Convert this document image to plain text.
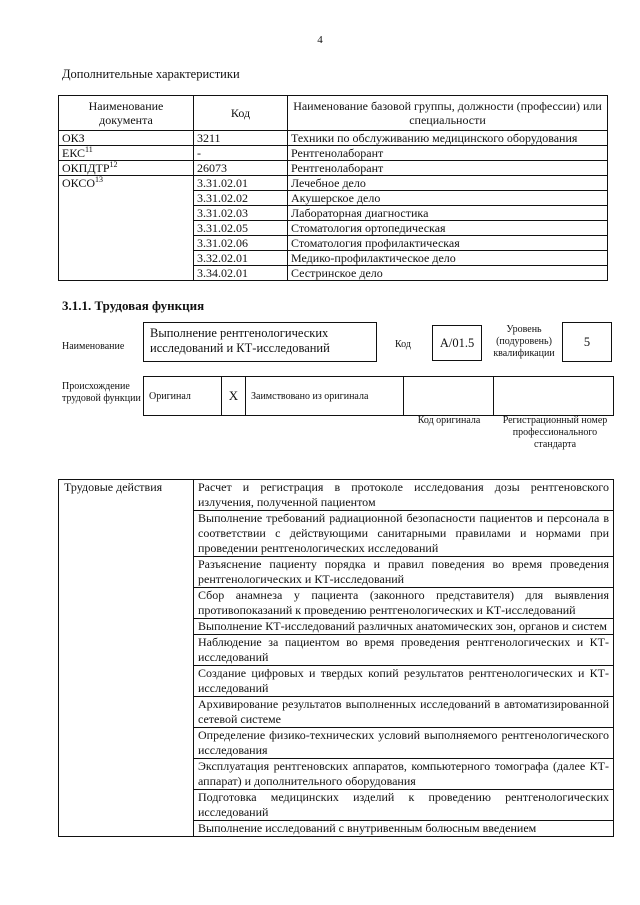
4
Дополнительные характеристики
Наименование документа	Код	Наименование базовой группы, должности (профессии) или специальности
ОКЗ	3211	Техники по обслуживанию медицинского оборудования
ЕКС$^{11}$	-	Рентгенолаборант
ОКПДТР$^{12}$	26073	Рентгенолаборант
ОКСО$^{13}$	3.31.02.01	Лечебное дело
	3.31.02.02	Акушерское дело
	3.31.02.03	Лабораторная диагностика
	3.31.02.05	Стоматология ортопедическая
	3.31.02.06	Стоматология профилактическая
	3.32.02.01	Медико-профилактическое дело
	3.34.02.01	Сестринское дело
3.1.1. Трудовая функция
Наименование
Выполнение рентгенологических исследований и КТ-исследований	Код	A/01.5
Уровень (подуровень) квалификации
5
Происхождение трудовой функции Оригинал	X	Заимствовано из оригинала		
Код оригинала	Регистрационный номер профессионального стандарта
Трудовые действия	Расчет и регистрация в протоколе исследования дозы рентгеновского излучения, полученной пациентом
Выполнение требований радиационной безопасности пациентов и персонала в соответствии с действующими санитарными правилами и нормами при проведении рентгенологических исследований
Разъяснение пациенту порядка и правил поведения во время проведения рентгенологических и КТ-исследований
Сбор анамнеза у пациента (законного представителя) для выявления противопоказаний к проведению рентгенологических и КТ-исследований
Выполнение КТ-исследований различных анатомических зон, органов и систем
Наблюдение за пациентом во время проведения рентгенологических и КТ-исследований
Создание цифровых и твердых копий результатов рентгенологических и КТ-исследований
Архивирование результатов выполненных исследований в автоматизированной сетевой системе
Определение физико-технических условий выполняемого рентгенологического исследования
Эксплуатация рентгеновских аппаратов, компьютерного томографа (далее КТ-аппарат) и дополнительного оборудования
Подготовка медицинских изделий к проведению рентгенологических исследований
Выполнение исследований с внутривенным болюсным введением
